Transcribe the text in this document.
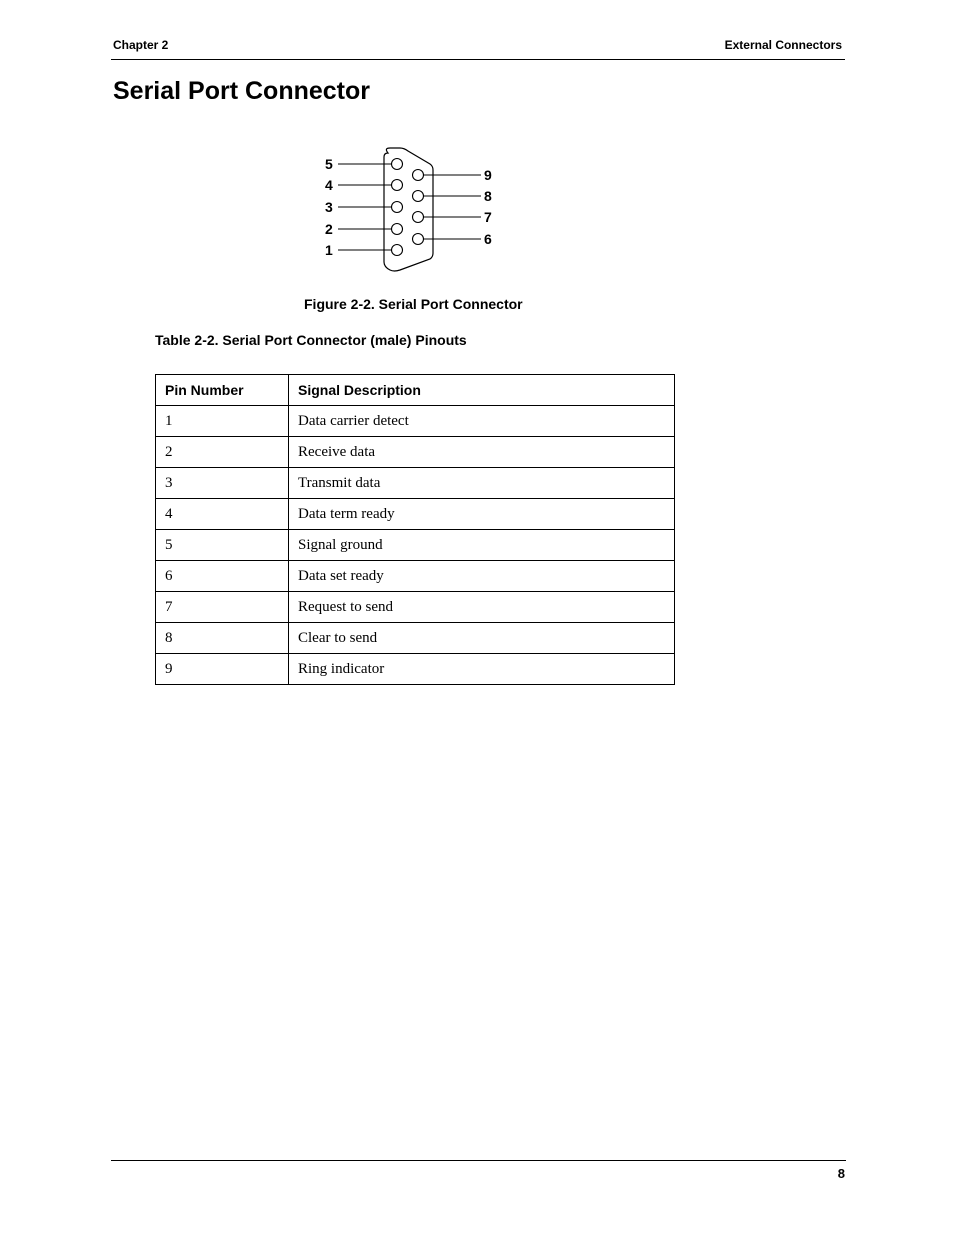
Chapter 2	External Connectors
Serial Port Connector
5
4
3
2
1
9
8
7
6
Figure 2-2. Serial Port Connector
Table 2-2. Serial Port Connector (male) Pinouts
Pin Number	Signal Description
1	Data carrier detect
2	Receive data
3	Transmit data
4	Data term ready
5	Signal ground
6	Data set ready
7	Request to send
8	Clear to send
9	Ring indicator
8
